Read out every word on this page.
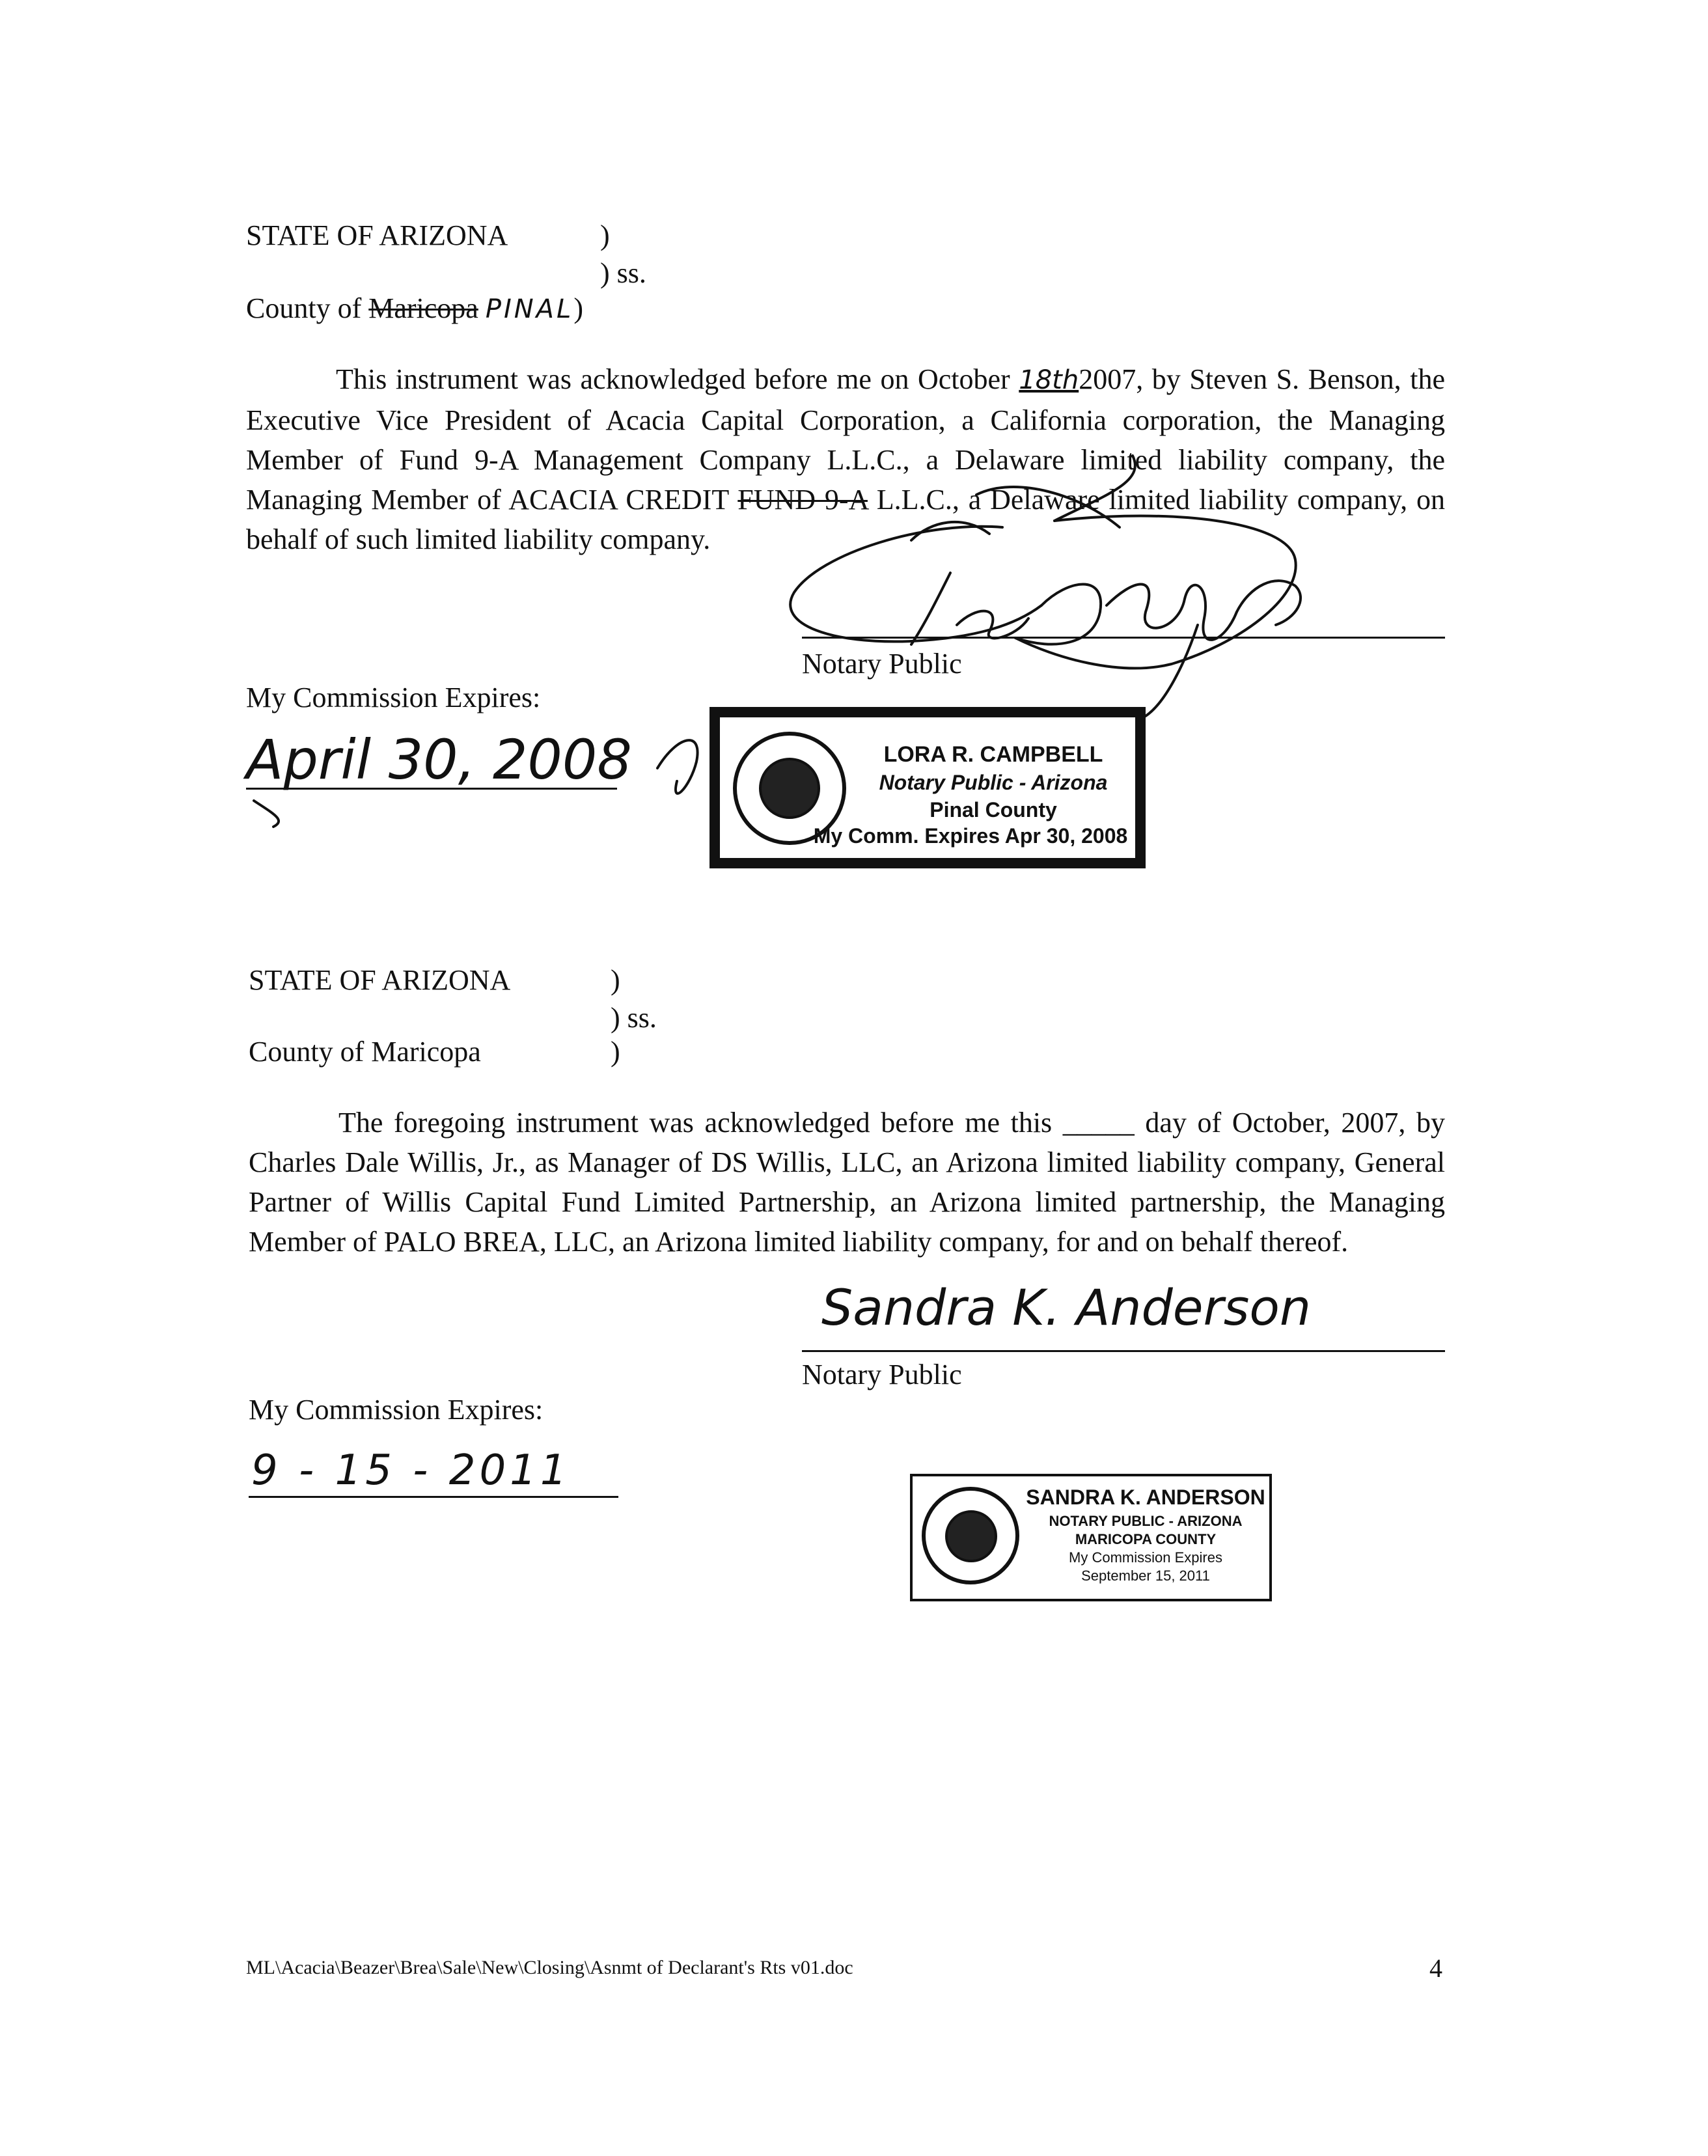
STATE OF ARIZONA	)
) ss.
County of Maricopa PINAL)
This instrument was acknowledged before me on October 18th2007, by Steven S. Benson, the Executive Vice President of Acacia Capital Corporation, a California corporation, the Managing Member of Fund 9-A Management Company L.L.C., a Delaware limited liability company, the Managing Member of ACACIA CREDIT FUND 9-A L.L.C., a Delaware limited liability company, on behalf of such limited liability company.
Notary Public
My Commission Expires:
April 30, 2008	LORA R. CAMPBELL
Notary Public - Arizona
Pinal County
My Comm. Expires Apr 30, 2008
STATE OF ARIZONA	)
) ss.
County of Maricopa	)
The foregoing instrument was acknowledged before me this _____ day of October, 2007, by Charles Dale Willis, Jr., as Manager of DS Willis, LLC, an Arizona limited liability company, General Partner of Willis Capital Fund Limited Partnership, an Arizona limited partnership, the Managing Member of PALO BREA, LLC, an Arizona limited liability company, for and on behalf thereof.
Sandra K. Anderson
Notary Public
My Commission Expires:
9 - 15 - 2011
SANDRA K. ANDERSON
NOTARY PUBLIC - ARIZONA
MARICOPA COUNTY
My Commission Expires
September 15, 2011
ML\Acacia\Beazer\Brea\Sale\New\Closing\Asnmt of Declarant's Rts v01.doc	4
